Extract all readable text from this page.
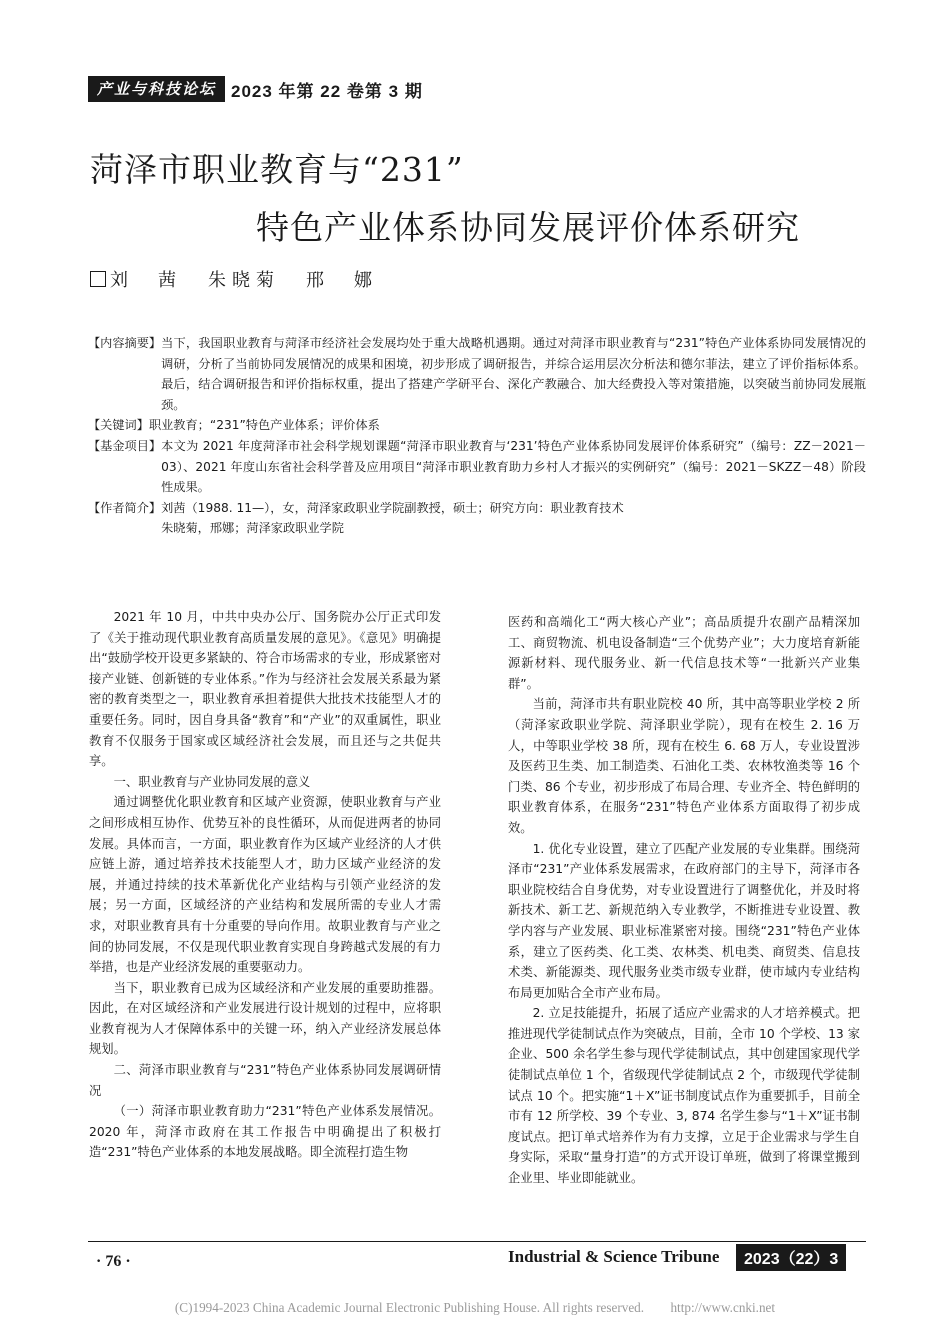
产业与科技论坛 2023 年第 22 卷第 3 期
菏泽市职业教育与“231”
特色产业体系协同发展评价体系研究
刘　茜 朱晓菊 邢　娜
【内容摘要】 当下，我国职业教育与菏泽市经济社会发展均处于重大战略机遇期。通过对菏泽市职业教育与“231”特色产业体系协同发展情况的调研，分析了当前协同发展情况的成果和困境，初步形成了调研报告，并综合运用层次分析法和德尔菲法，建立了评价指标体系。最后，结合调研报告和评价指标权重，提出了搭建产学研平台、深化产教融合、加大经费投入等对策措施，以突破当前协同发展瓶颈。
【关键词】 职业教育；“231”特色产业体系；评价体系
【基金项目】 本文为 2021 年度菏泽市社会科学规划课题“菏泽市职业教育与‘231’特色产业体系协同发展评价体系研究”（编号：ZZ－2021－03）、2021 年度山东省社会科学普及应用项目“菏泽市职业教育助力乡村人才振兴的实例研究”（编号：2021－SKZZ－48）阶段性成果。
【作者简介】 刘茜（1988. 11—），女，菏泽家政职业学院副教授，硕士；研究方向：职业教育技术
朱晓菊，邢娜；菏泽家政职业学院

2021 年 10 月，中共中央办公厅、国务院办公厅正式印发了《关于推动现代职业教育高质量发展的意见》。《意见》明确提出“鼓励学校开设更多紧缺的、符合市场需求的专业，形成紧密对接产业链、创新链的专业体系。”作为与经济社会发展关系最为紧密的教育类型之一，职业教育承担着提供大批技术技能型人才的重要任务。同时，因自身具备“教育”和“产业”的双重属性，职业教育不仅服务于国家或区域经济社会发展，而且还与之共促共享。

一、职业教育与产业协同发展的意义

通过调整优化职业教育和区域产业资源，使职业教育与产业之间形成相互协作、优势互补的良性循环，从而促进两者的协同发展。具体而言，一方面，职业教育作为区域产业经济的人才供应链上游，通过培养技术技能型人才，助力区域产业经济的发展，并通过持续的技术革新优化产业结构与引领产业经济的发展；另一方面，区域经济的产业结构和发展所需的专业人才需求，对职业教育具有十分重要的导向作用。故职业教育与产业之间的协同发展，不仅是现代职业教育实现自身跨越式发展的有力举措，也是产业经济发展的重要驱动力。

当下，职业教育已成为区域经济和产业发展的重要助推器。因此，在对区域经济和产业发展进行设计规划的过程中，应将职业教育视为人才保障体系中的关键一环，纳入产业经济发展总体规划。

二、菏泽市职业教育与“231”特色产业体系协同发展调研情况

（一）菏泽市职业教育助力“231”特色产业体系发展情况。2020 年，菏泽市政府在其工作报告中明确提出了积极打造“231”特色产业体系的本地发展战略。即全流程打造生物

医药和高端化工“两大核心产业”；高品质提升农副产品精深加工、商贸物流、机电设备制造“三个优势产业”；大力度培育新能源新材料、现代服务业、新一代信息技术等“一批新兴产业集群”。

当前，菏泽市共有职业院校 40 所，其中高等职业学校 2 所（菏泽家政职业学院、菏泽职业学院），现有在校生 2. 16 万人，中等职业学校 38 所，现有在校生 6. 68 万人，专业设置涉及医药卫生类、加工制造类、石油化工类、农林牧渔类等 16 个门类、86 个专业，初步形成了布局合理、专业齐全、特色鲜明的职业教育体系，在服务“231”特色产业体系方面取得了初步成效。

1. 优化专业设置，建立了匹配产业发展的专业集群。围绕菏泽市“231”产业体系发展需求，在政府部门的主导下，菏泽市各职业院校结合自身优势，对专业设置进行了调整优化，并及时将新技术、新工艺、新规范纳入专业教学，不断推进专业设置、教学内容与产业发展、职业标准紧密对接。围绕“231”特色产业体系，建立了医药类、化工类、农林类、机电类、商贸类、信息技术类、新能源类、现代服务业类市级专业群，使市域内专业结构布局更加贴合全市产业布局。

2. 立足技能提升，拓展了适应产业需求的人才培养模式。把推进现代学徒制试点作为突破点，目前，全市 10 个学校、13 家企业、500 余名学生参与现代学徒制试点，其中创建国家现代学徒制试点单位 1 个，省级现代学徒制试点 2 个，市级现代学徒制试点 10 个。把实施“1＋X”证书制度试点作为重要抓手，目前全市有 12 所学校、39 个专业、3, 874 名学生参与“1＋X”证书制度试点。把订单式培养作为有力支撑，立足于企业需求与学生自身实际，采取“量身打造”的方式开设订单班，做到了将课堂搬到企业里、毕业即能就业。

· 76 ·	Industrial & Science Tribune	2023（22）3
(C)1994-2023 China Academic Journal Electronic Publishing House. All rights reserved.　　http://www.cnki.net
